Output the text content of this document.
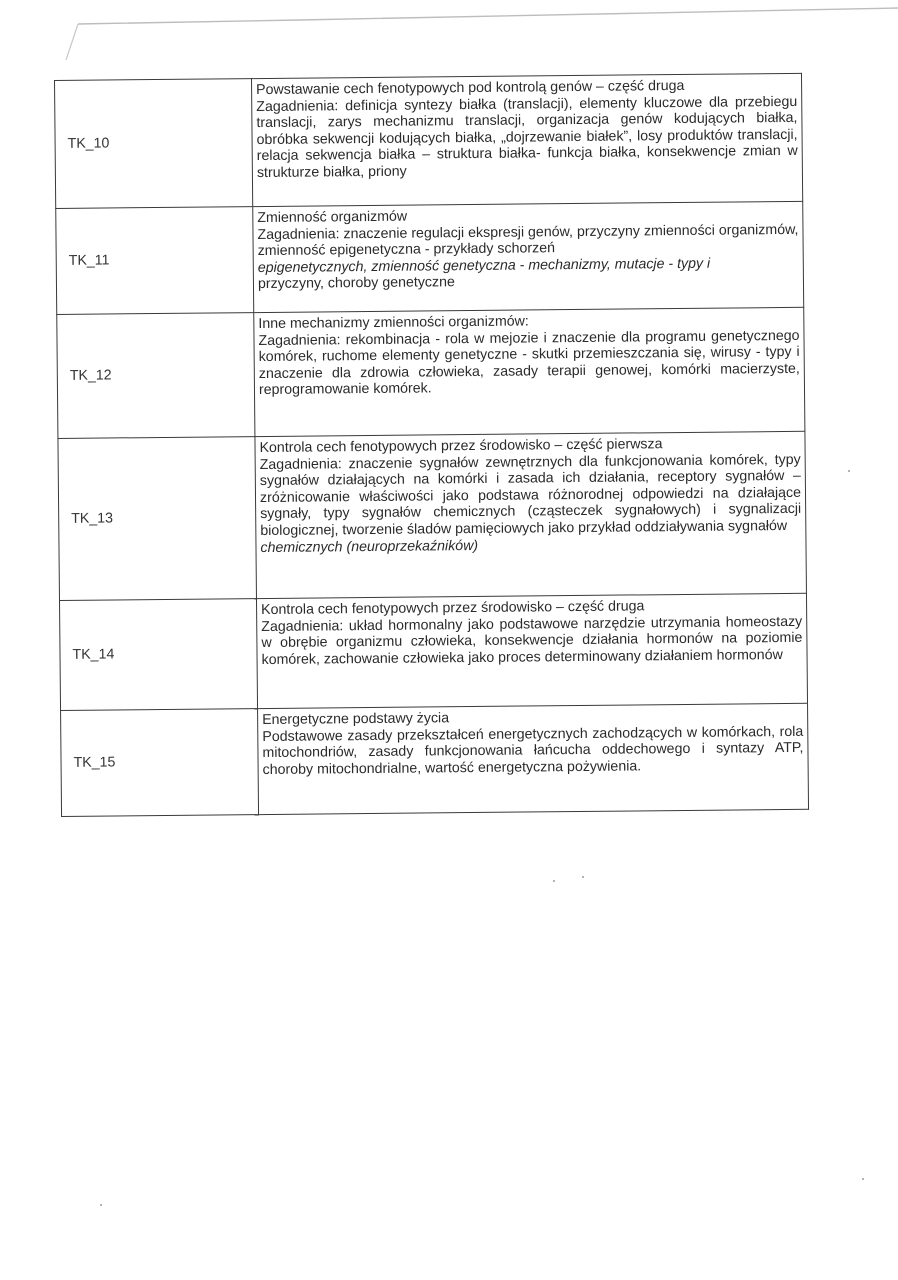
TK_10	Powstawanie cech fenotypowych pod kontrolą genów – część druga
Zagadnienia: definicja syntezy białka (translacji), elementy kluczowe dla przebiegu translacji, zarys mechanizmu translacji, organizacja genów kodujących białka, obróbka sekwencji kodujących białka, „dojrzewanie białek”, losy produktów translacji, relacja sekwencja białka – struktura białka- funkcja białka, konsekwencje zmian w strukturze białka, priony

TK_11	Zmienność organizmów
Zagadnienia: znaczenie regulacji ekspresji genów, przyczyny zmienności organizmów, zmienność epigenetyczna - przykłady schorzeń
epigenetycznych, zmienność genetyczna - mechanizmy, mutacje - typy i
przyczyny, choroby genetyczne

TK_12	Inne mechanizmy zmienności organizmów:
Zagadnienia: rekombinacja - rola w mejozie i znaczenie dla programu genetycznego komórek, ruchome elementy genetyczne - skutki przemieszczania się, wirusy - typy i znaczenie dla zdrowia człowieka, zasady terapii genowej, komórki macierzyste, reprogramowanie komórek.

TK_13	Kontrola cech fenotypowych przez środowisko – część pierwsza
Zagadnienia: znaczenie sygnałów zewnętrznych dla funkcjonowania komórek, typy sygnałów działających na komórki i zasada ich działania, receptory sygnałów – zróżnicowanie właściwości jako podstawa różnorodnej odpowiedzi na działające sygnały, typy sygnałów chemicznych (cząsteczek sygnałowych) i sygnalizacji biologicznej, tworzenie śladów pamięciowych jako przykład oddziaływania sygnałów
chemicznych (neuroprzekaźników)

TK_14	Kontrola cech fenotypowych przez środowisko – część druga
Zagadnienia: układ hormonalny jako podstawowe narzędzie utrzymania homeostazy w obrębie organizmu człowieka, konsekwencje działania hormonów na poziomie komórek, zachowanie człowieka jako proces determinowany działaniem hormonów

TK_15	Energetyczne podstawy życia
Podstawowe zasady przekształceń energetycznych zachodzących w komórkach, rola mitochondriów, zasady funkcjonowania łańcucha oddechowego i syntazy ATP, choroby mitochondrialne, wartość energetyczna pożywienia.
